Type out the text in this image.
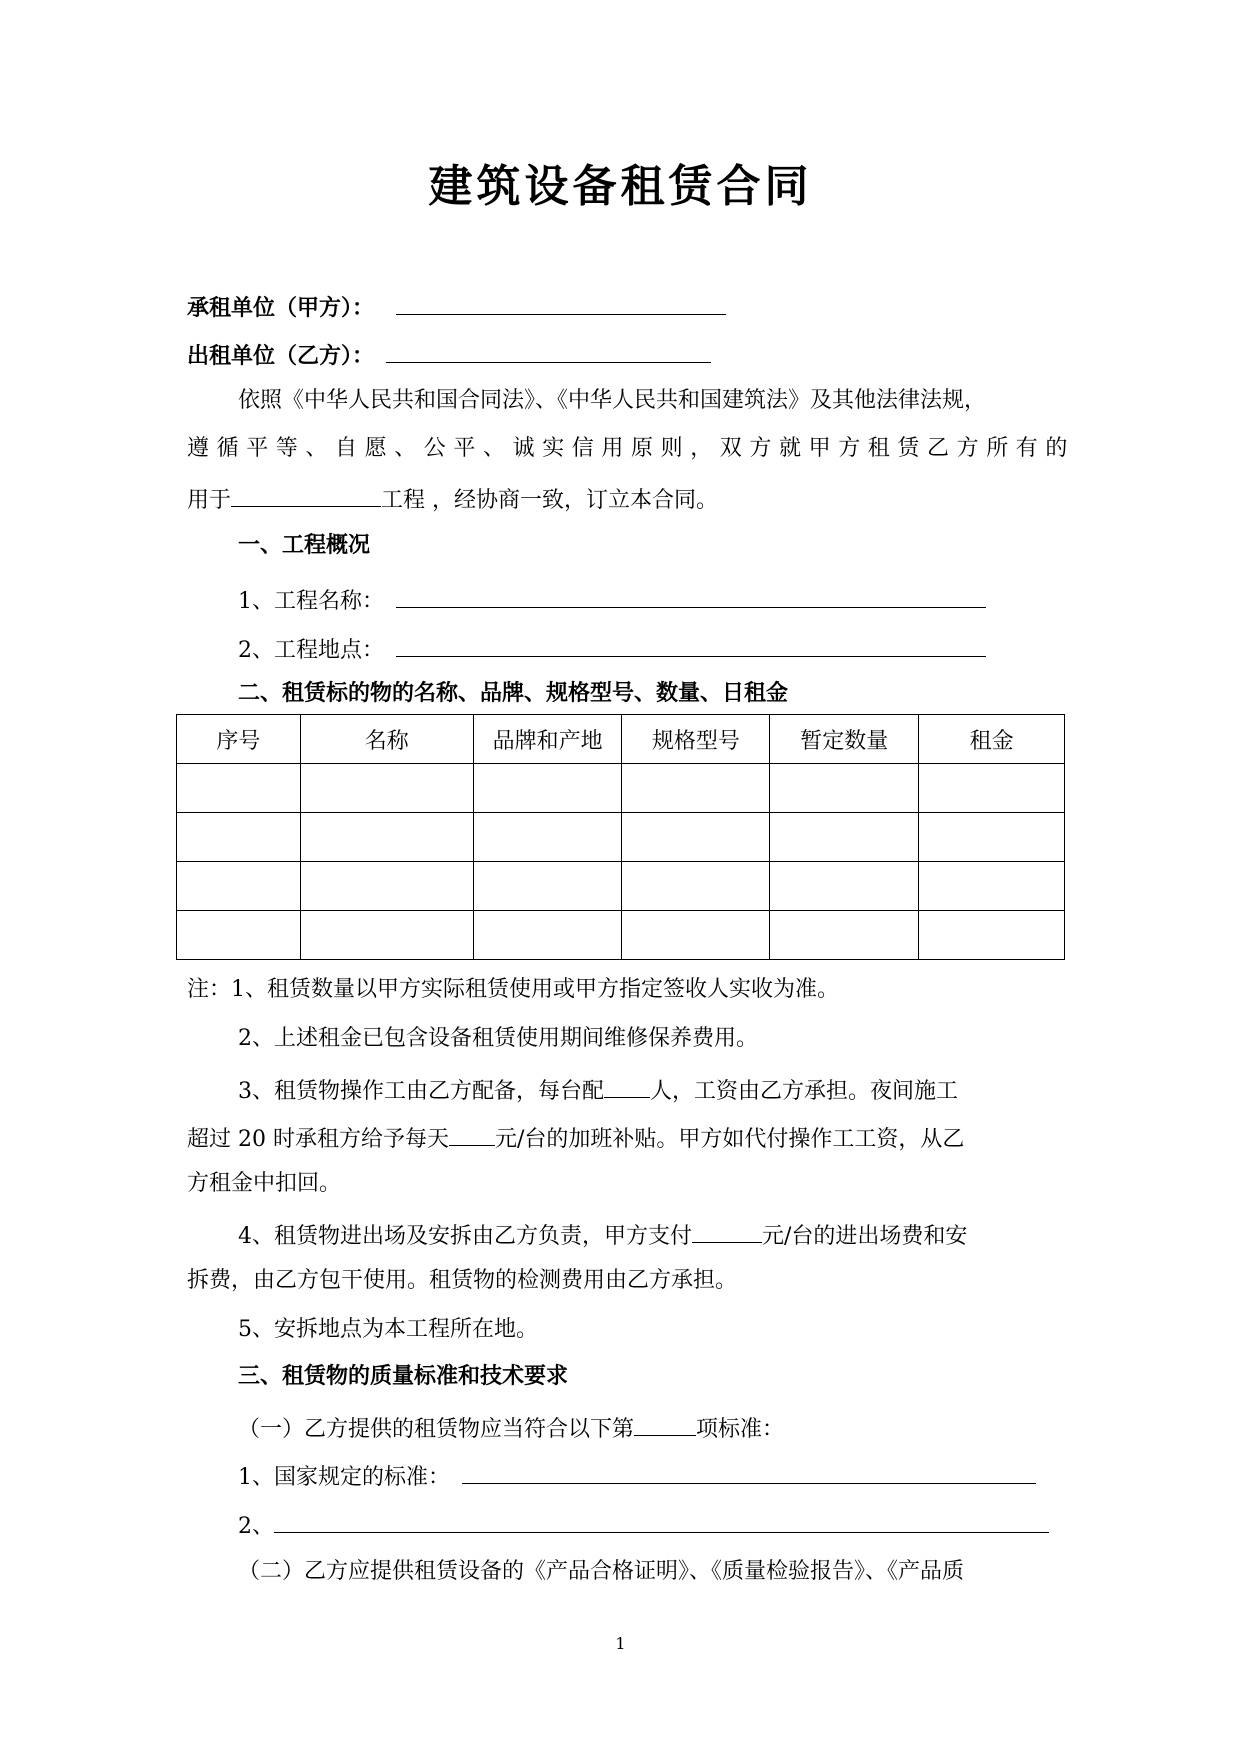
建筑设备租赁合同
承租单位（甲方）：
出租单位（乙方）：
依照《中华人民共和国合同法》、《中华人民共和国建筑法》及其他法律法规，
遵循平等、自愿、公平、诚实信用原则，双方就甲方租赁乙方所有的
用于	工程 ，经协商一致，订立本合同。
一、工程概况
1、工程名称：
2、工程地点：
二、租赁标的物的名称、品牌、规格型号、数量、日租金
序号	名称	品牌和产地	规格型号	暂定数量	租金

注：1、租赁数量以甲方实际租赁使用或甲方指定签收人实收为准。
2、上述租金已包含设备租赁使用期间维修保养费用。
3、租赁物操作工由乙方配备，每台配 人，工资由乙方承担。夜间施工
超过 20 时承租方给予每天 元/台的加班补贴。甲方如代付操作工工资，从乙
方租金中扣回。
4、租赁物进出场及安拆由乙方负责，甲方支付	元/台的进出场费和安
拆费，由乙方包干使用。租赁物的检测费用由乙方承担。
5、安拆地点为本工程所在地。
三、租赁物的质量标准和技术要求
（一）乙方提供的租赁物应当符合以下第	项标准：
1、国家规定的标准：
2、
（二）乙方应提供租赁设备的《产品合格证明》、《质量检验报告》、《产品质
1
